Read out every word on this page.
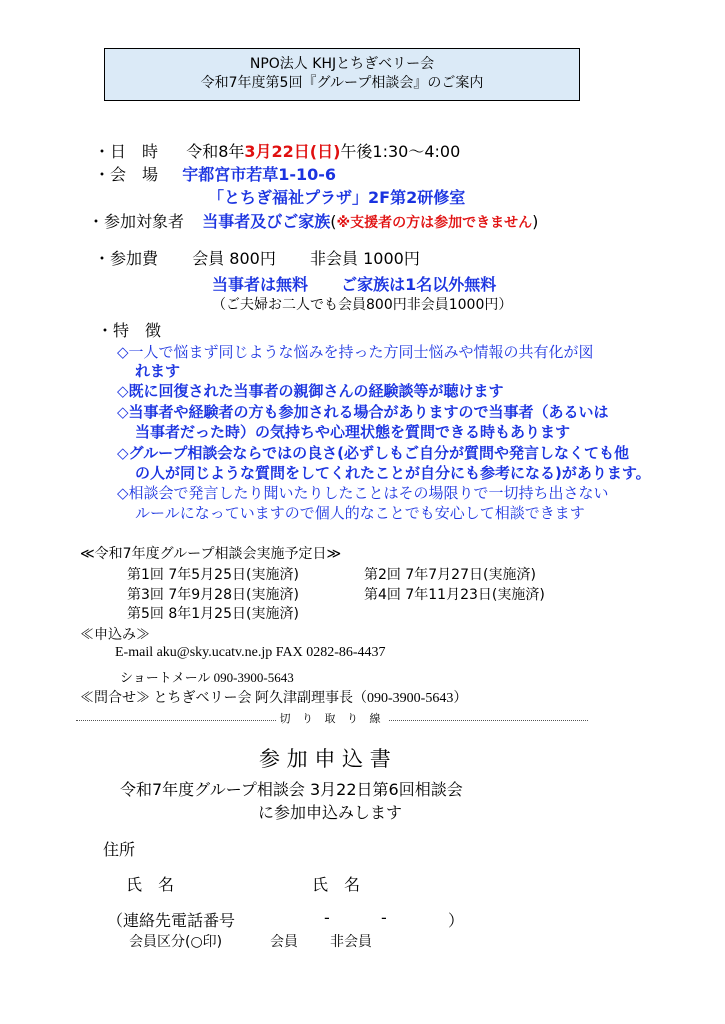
NPO法人 KHJとちぎベリー会
令和7年度第5回『グループ相談会』のご案内
・日　時 令和8年3月22日(日)午後1:30～4:00
・会　場 宇都宮市若草1-10-6
「とちぎ福祉プラザ」2F第2研修室
・参加対象者 当事者及びご家族(※支援者の方は参加できません)
・参加費 会員 800円 非会員 1000円
当事者は無料 ご家族は1名以外無料
（ご夫婦お二人でも会員800円非会員1000円）
・特　徴
◇一人で悩まず同じような悩みを持った方同士悩みや情報の共有化が図
れます
◇既に回復された当事者の親御さんの経験談等が聴けます
◇当事者や経験者の方も参加される場合がありますので当事者（あるいは
当事者だった時）の気持ちや心理状態を質問できる時もあります
◇グループ相談会ならではの良さ(必ずしもご自分が質問や発言しなくても他
の人が同じような質問をしてくれたことが自分にも参考になる)があります。
◇相談会で発言したり聞いたりしたことはその場限りで一切持ち出さない
ルールになっていますので個人的なことでも安心して相談できます
≪令和7年度グループ相談会実施予定日≫
第1回 7年5月25日(実施済)	第2回 7年7月27日(実施済)
第3回 7年9月28日(実施済)	第4回 7年11月23日(実施済)
第5回 8年1月25日(実施済)
≪申込み≫
E-mail aku@sky.ucatv.ne.jp FAX 0282-86-4437
ショートメール 090-3900-5643
≪問合せ≫ とちぎベリー会 阿久津副理事長（090-3900-5643）
切 り 取 り 線
参 加 申 込 書
令和7年度グループ相談会 3月22日第6回相談会
に参加申込みします
住所
氏　名	氏　名
（連絡先電話番号	-	-	）
会員区分(○印)	会員 非会員
